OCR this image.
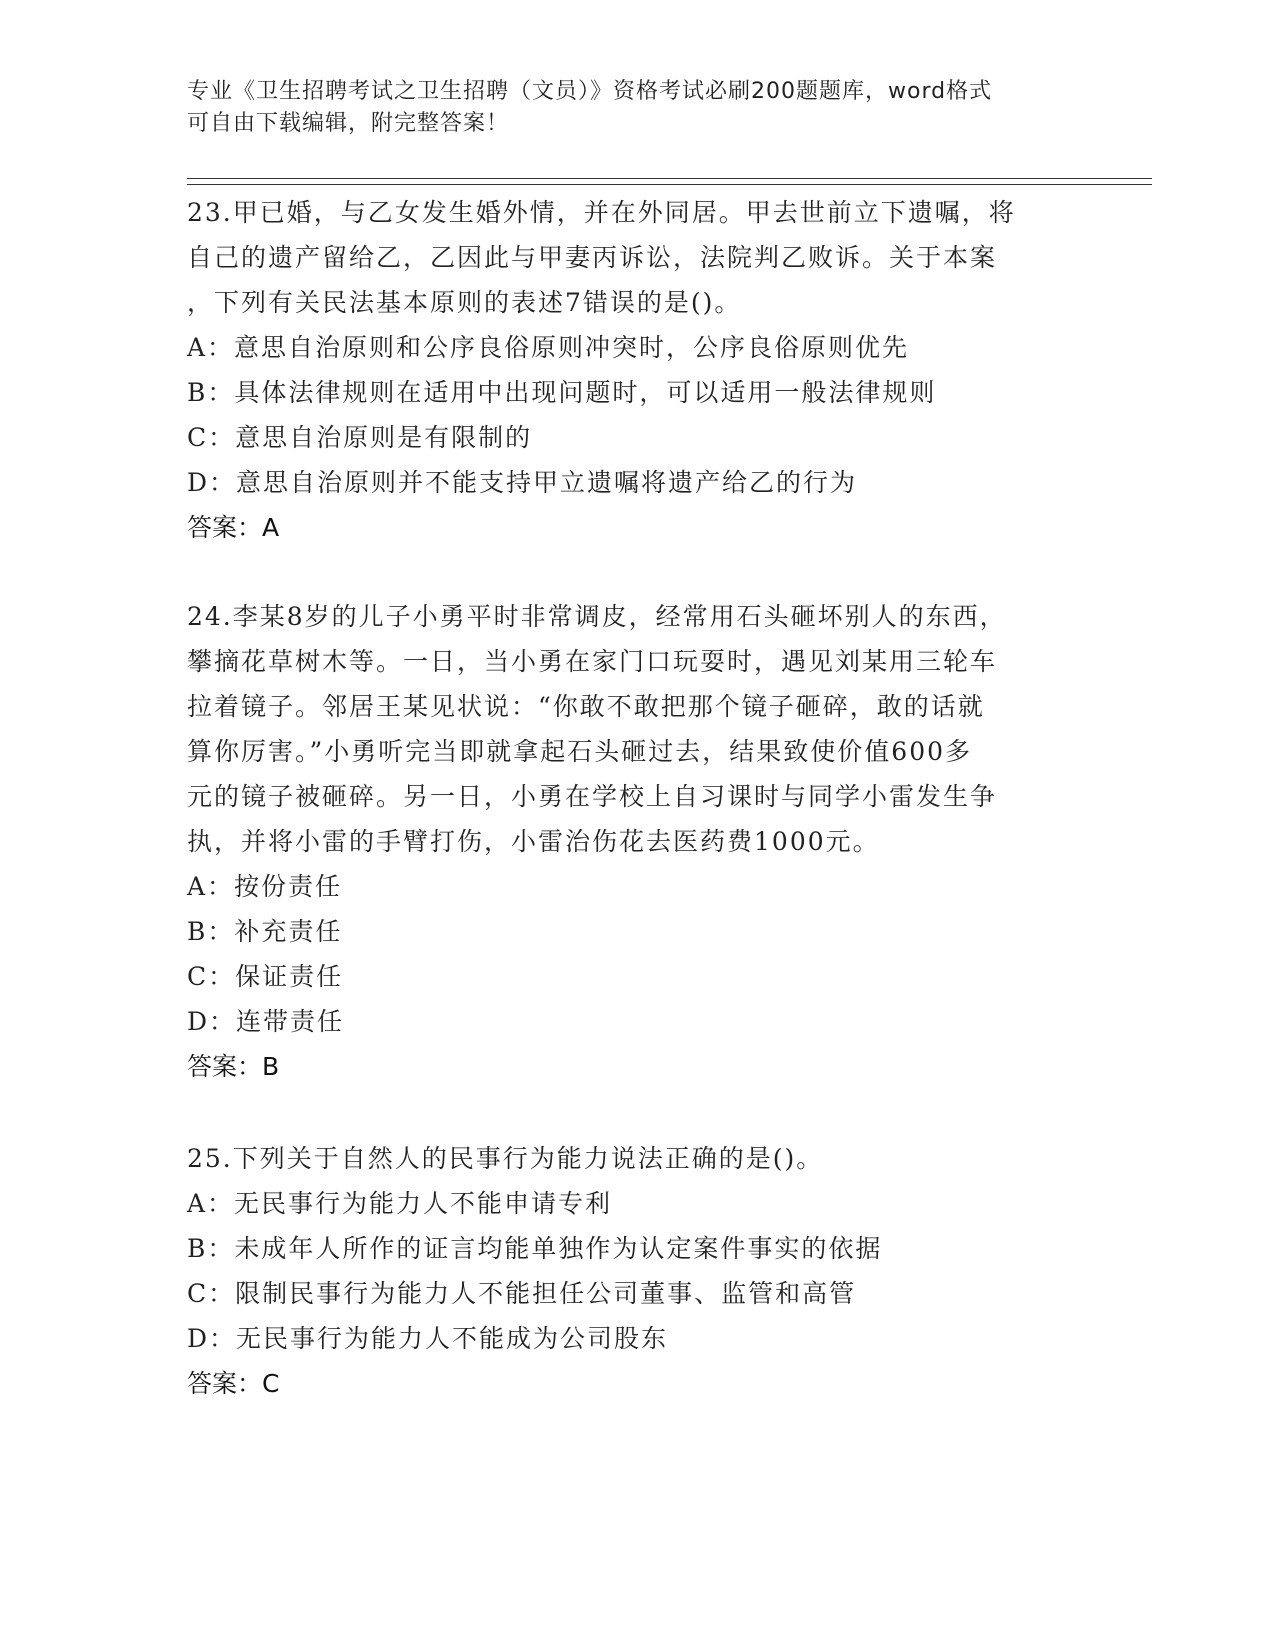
专业《卫生招聘考试之卫生招聘（文员）》资格考试必刷200题题库，word格式
可自由下载编辑，附完整答案！

23.甲已婚，与乙女发生婚外情，并在外同居。甲去世前立下遗嘱，将

自己的遗产留给乙，乙因此与甲妻丙诉讼，法院判乙败诉。关于本案

，下列有关民法基本原则的表述7错误的是()。

A：意思自治原则和公序良俗原则冲突时，公序良俗原则优先

B：具体法律规则在适用中出现问题时，可以适用一般法律规则

C：意思自治原则是有限制的

D：意思自治原则并不能支持甲立遗嘱将遗产给乙的行为

答案：A

24.李某8岁的儿子小勇平时非常调皮，经常用石头砸坏别人的东西，

攀摘花草树木等。一日，当小勇在家门口玩耍时，遇见刘某用三轮车

拉着镜子。邻居王某见状说：“你敢不敢把那个镜子砸碎，敢的话就

算你厉害。”小勇听完当即就拿起石头砸过去，结果致使价值600多

元的镜子被砸碎。另一日，小勇在学校上自习课时与同学小雷发生争

执，并将小雷的手臂打伤，小雷治伤花去医药费1000元。

A：按份责任

B：补充责任

C：保证责任

D：连带责任

答案：B

25.下列关于自然人的民事行为能力说法正确的是()。

A：无民事行为能力人不能申请专利

B：未成年人所作的证言均能单独作为认定案件事实的依据

C：限制民事行为能力人不能担任公司董事、监管和高管

D：无民事行为能力人不能成为公司股东

答案：C
